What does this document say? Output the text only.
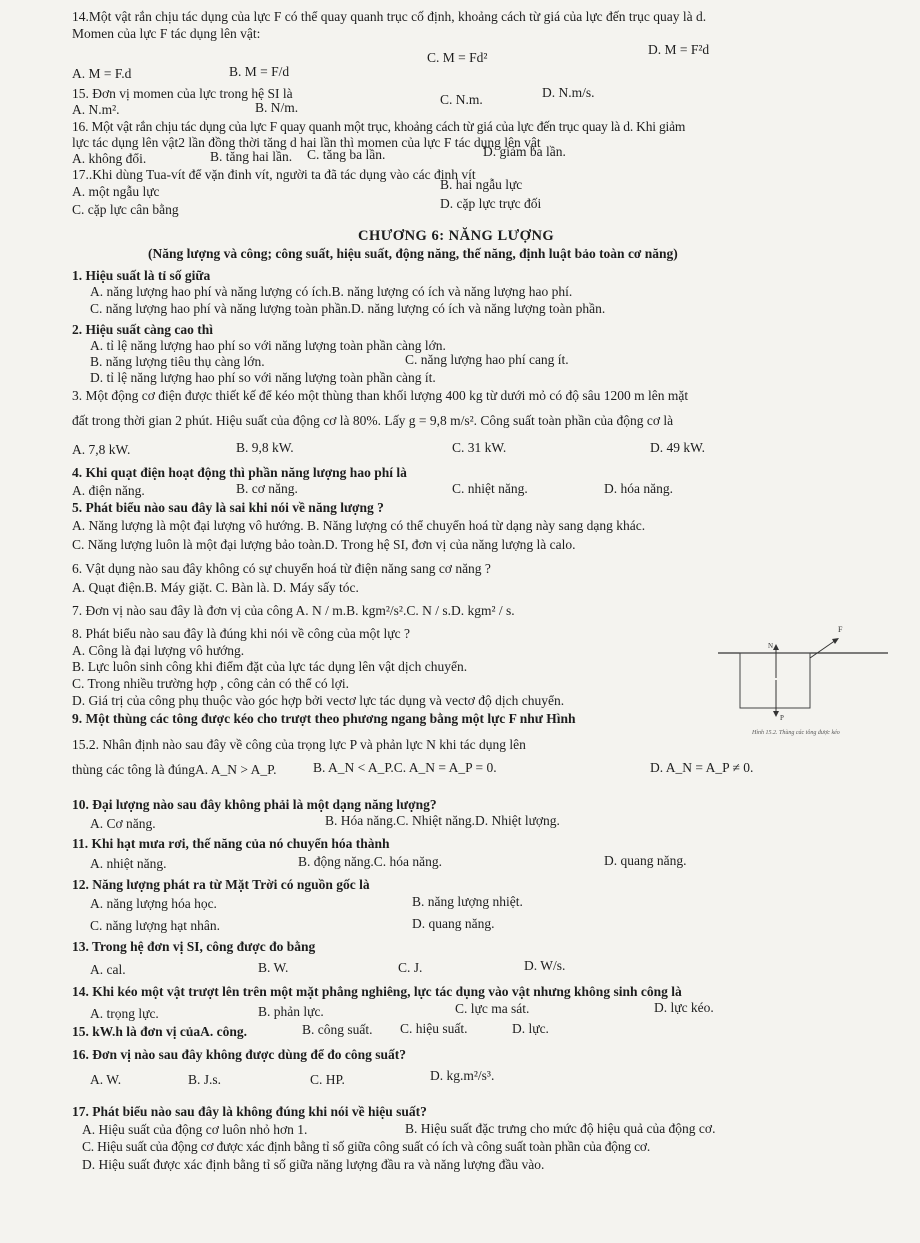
14.Một vật rắn chịu tác dụng của lực F có thể quay quanh trục cố định, khoảng cách từ giá của lực đến trục quay là d.
Momen của lực F tác dụng lên vật:
C. M = Fd²
D. M = F²d
A. M = F.d	B. M = F/d
15. Đơn vị momen của lực trong hệ SI là
A. N.m².	B. N/m.
C. N.m.	D. N.m/s.
16. Một vật rắn chịu tác dụng của lực F quay quanh một trục, khoảng cách từ giá của lực đến trục quay là d. Khi giảm
lực tác dụng lên vật2 lần đồng thời tăng d hai lần thì momen của lực F tác dụng lên vật
A. không đổi.	B. tăng hai lần. C. tăng ba lần.	D. giảm ba lần.
17..Khi dùng Tua-vít để vặn đinh vít, người ta đã tác dụng vào các đinh vít
A. một ngẫu lực	B. hai ngẫu lực
C. cặp lực cân bằng	D. cặp lực trực đối
CHƯƠNG 6: NĂNG LƯỢNG
(Năng lượng và công; công suất, hiệu suất, động năng, thế năng, định luật bảo toàn cơ năng)
1. Hiệu suất là tỉ số giữa
A. năng lượng hao phí và năng lượng có ích.B. năng lượng có ích và năng lượng hao phí.
C. năng lượng hao phí và năng lượng toàn phần.D. năng lượng có ích và năng lượng toàn phần.
2. Hiệu suất càng cao thì
A. tỉ lệ năng lượng hao phí so với năng lượng toàn phần càng lớn.
B. năng lượng tiêu thụ càng lớn.	C. năng lượng hao phí cang ít.
D. tỉ lệ năng lượng hao phí so với năng lượng toàn phần càng ít.
3. Một động cơ điện được thiết kế để kéo một thùng than khối lượng 400 kg từ dưới mỏ có độ sâu 1200 m lên mặt
đất trong thời gian 2 phút. Hiệu suất của động cơ là 80%. Lấy g = 9,8 m/s². Công suất toàn phần của động cơ là
A. 7,8 kW.	B. 9,8 kW.	C. 31 kW.	D. 49 kW.
4. Khi quạt điện hoạt động thì phần năng lượng hao phí là
A. điện năng.	B. cơ năng.	C. nhiệt năng.	D. hóa năng.
5. Phát biểu nào sau đây là sai khi nói về năng lượng ?
A. Năng lượng là một đại lượng vô hướng. B. Năng lượng có thể chuyển hoá từ dạng này sang dạng khác.
C. Năng lượng luôn là một đại lượng bảo toàn.D. Trong hệ SI, đơn vị của năng lượng là calo.
6. Vật dụng nào sau đây không có sự chuyển hoá từ điện năng sang cơ năng ?
A. Quạt điện.B. Máy giặt. C. Bàn là. D. Máy sấy tóc.
7. Đơn vị nào sau đây là đơn vị của công A. N / m.B. kgm²/s².C. N / s.D. kgm² / s.
8. Phát biểu nào sau đây là đúng khi nói về công của một lực ?
A. Công là đại lượng vô hướng.
B. Lực luôn sinh công khi điểm đặt của lực tác dụng lên vật dịch chuyển.
C. Trong nhiều trường hợp , công cản có thể có lợi.
D. Giá trị của công phụ thuộc vào góc hợp bởi vectơ lực tác dụng và vectơ độ dịch chuyển.
F
N
P
Hình 15.2. Thùng các tông được kéo
9. Một thùng các tông được kéo cho trượt theo phương ngang bằng một lực F như Hình
15.2. Nhân định nào sau đây về công của trọng lực P và phản lực N khi tác dụng lên
thùng các tông là đúngA. A_N > A_P.	B. A_N < A_P.C. A_N = A_P = 0.	D. A_N = A_P ≠ 0.
10. Đại lượng nào sau đây không phải là một dạng năng lượng?
A. Cơ năng.	B. Hóa năng.C. Nhiệt năng.D. Nhiệt lượng.
11. Khi hạt mưa rơi, thế năng của nó chuyển hóa thành
A. nhiệt năng.	B. động năng.C. hóa năng.	D. quang năng.
12. Năng lượng phát ra từ Mặt Trời có nguồn gốc là
A. năng lượng hóa học.	B. năng lượng nhiệt.
C. năng lượng hạt nhân.	D. quang năng.
13. Trong hệ đơn vị SI, công được đo bằng
A. cal.	B. W.	C. J.	D. W/s.
14. Khi kéo một vật trượt lên trên một mặt phẳng nghiêng, lực tác dụng vào vật nhưng không sinh công là
A. trọng lực.	B. phản lực.	C. lực ma sát.	D. lực kéo.
15. kW.h là đơn vị củaA. công.	B. công suất. C. hiệu suất.	D. lực.
16. Đơn vị nào sau đây không được dùng để đo công suất?
A. W.	B. J.s.	C. HP.	D. kg.m²/s³.
17. Phát biểu nào sau đây là không đúng khi nói về hiệu suất?
A. Hiệu suất của động cơ luôn nhỏ hơn 1.	B. Hiệu suất đặc trưng cho mức độ hiệu quả của động cơ.
C. Hiệu suất của động cơ được xác định bằng tỉ số giữa công suất có ích và công suất toàn phần của động cơ.
D. Hiệu suất được xác định bằng tỉ số giữa năng lượng đầu ra và năng lượng đầu vào.
